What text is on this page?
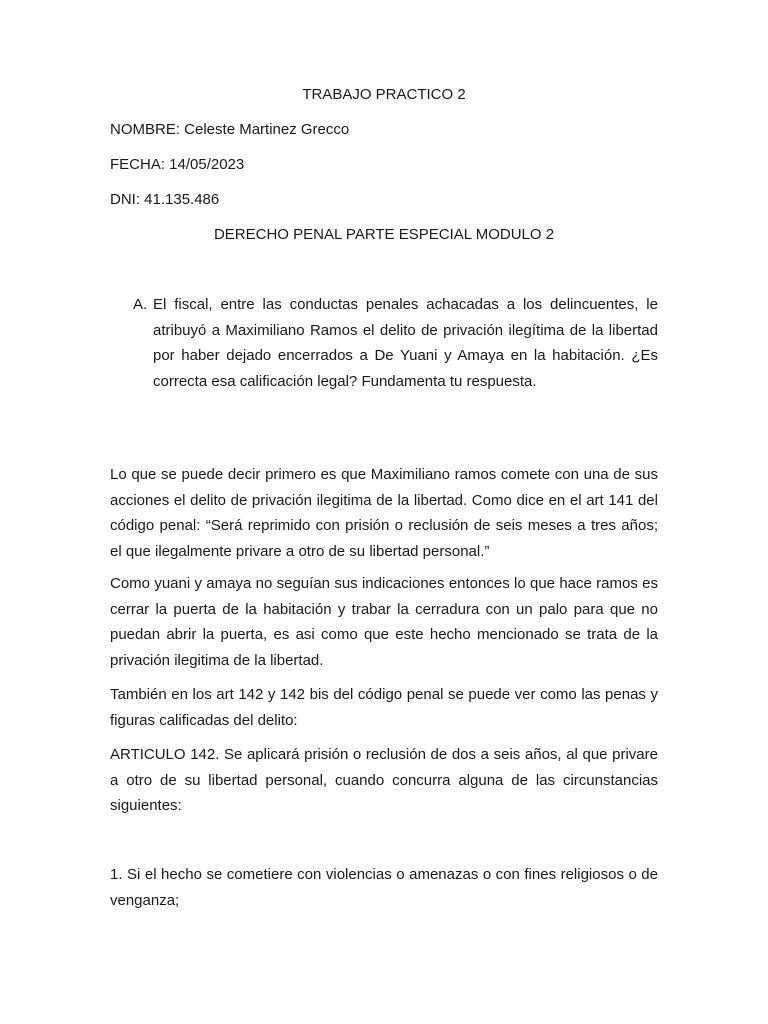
TRABAJO PRACTICO 2
NOMBRE: Celeste Martinez Grecco
FECHA: 14/05/2023
DNI: 41.135.486
DERECHO PENAL PARTE ESPECIAL MODULO 2
A. El fiscal, entre las conductas penales achacadas a los delincuentes, le atribuyó a Maximiliano Ramos el delito de privación ilegítima de la libertad por haber dejado encerrados a De Yuani y Amaya en la habitación. ¿Es correcta esa calificación legal? Fundamenta tu respuesta.
Lo que se puede decir primero es que Maximiliano ramos comete con una de sus acciones el delito de privación ilegitima de la libertad. Como dice en el art 141 del código penal: “Será reprimido con prisión o reclusión de seis meses a tres años; el que ilegalmente privare a otro de su libertad personal.”
Como yuani y amaya no seguían sus indicaciones entonces lo que hace ramos es cerrar la puerta de la habitación y trabar la cerradura con un palo para que no puedan abrir la puerta, es asi como que este hecho mencionado se trata de la privación ilegitima de la libertad.
También en los art 142 y 142 bis del código penal se puede ver como las penas y figuras calificadas del delito:
ARTICULO 142. Se aplicará prisión o reclusión de dos a seis años, al que privare a otro de su libertad personal, cuando concurra alguna de las circunstancias siguientes:
1. Si el hecho se cometiere con violencias o amenazas o con fines religiosos o de venganza;
